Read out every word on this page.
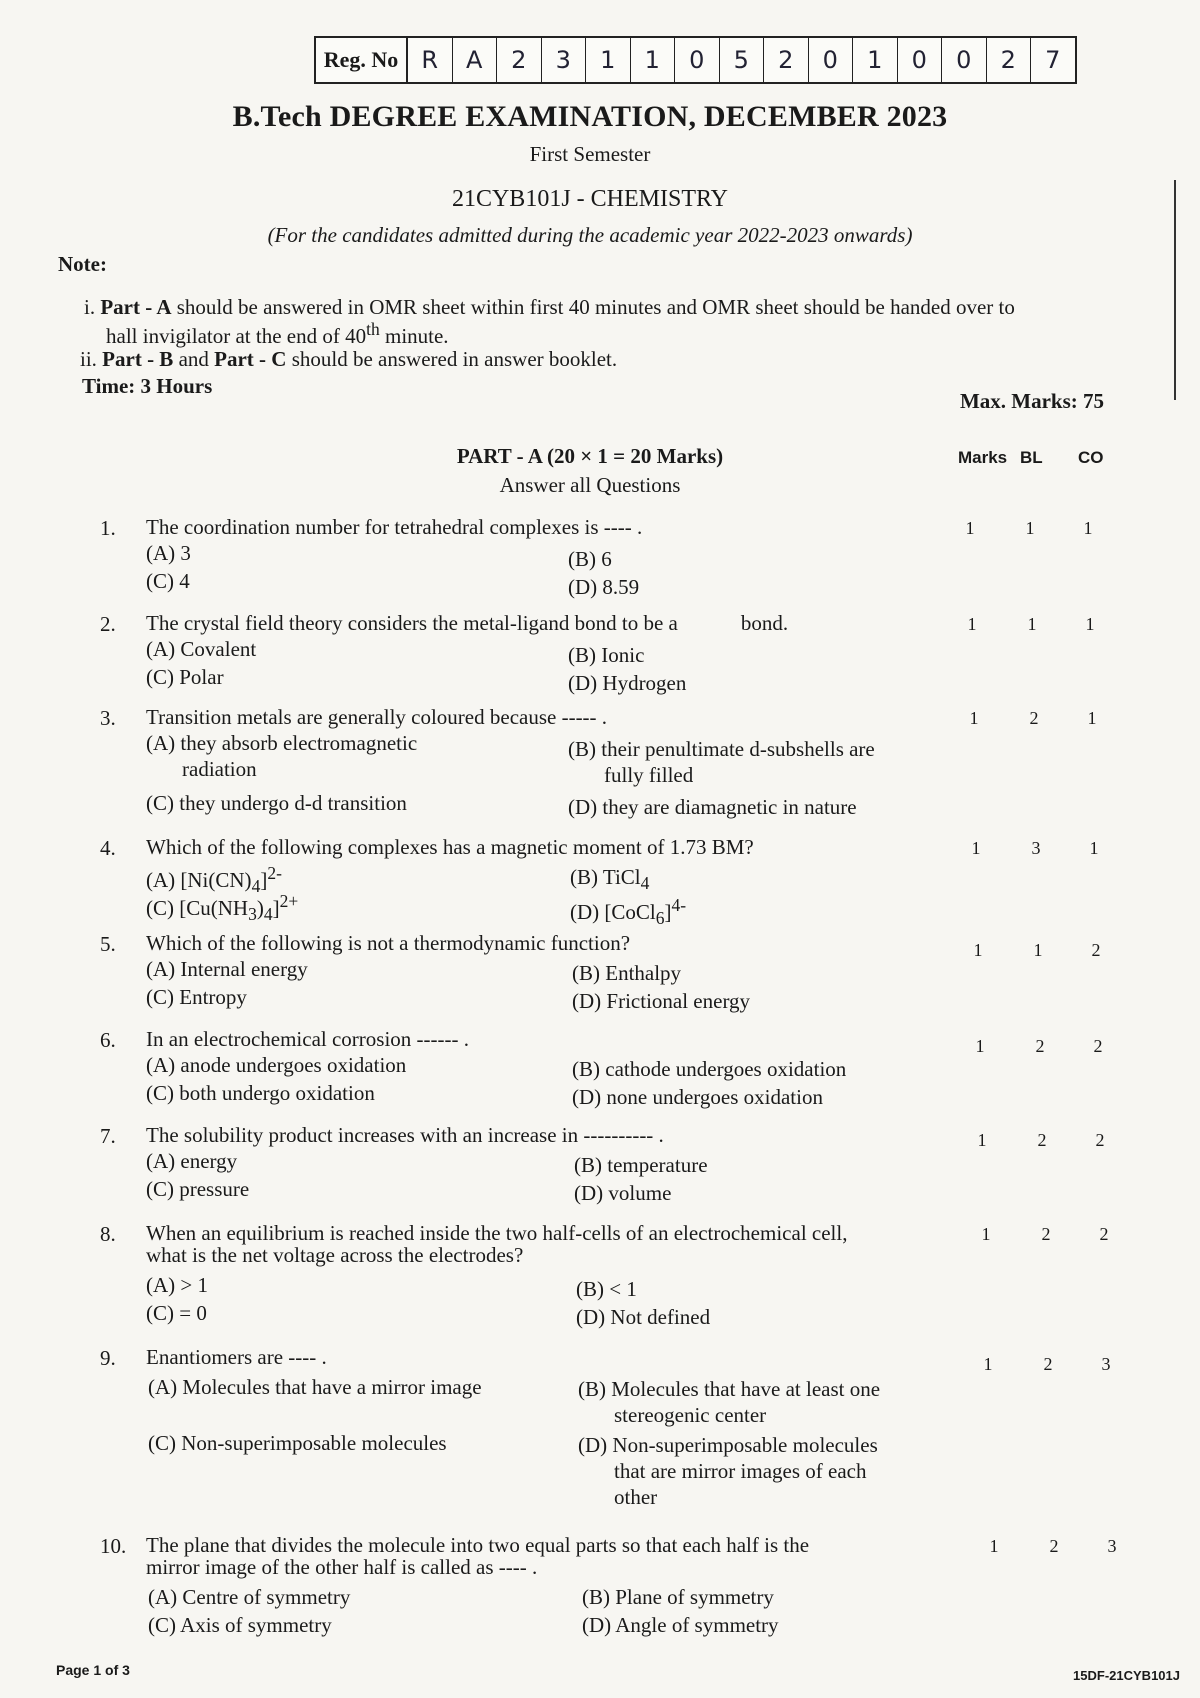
Reg. No R	A	2	3	1	1	0	5	2	0	1	0	0	2	7
B.Tech DEGREE EXAMINATION, DECEMBER 2023
First Semester
21CYB101J - CHEMISTRY
(For the candidates admitted during the academic year 2022-2023 onwards)
Note:
i. Part - A should be answered in OMR sheet within first 40 minutes and OMR sheet should be handed over to
hall invigilator at the end of 40th minute.
ii. Part - B and Part - C should be answered in answer booklet.
Time: 3 Hours
Max. Marks: 75
PART - A (20 × 1 = 20 Marks)
Answer all Questions
Marks BL CO
1.	The coordination number for tetrahedral complexes is ---- .
(A) 3	(B) 6
(C) 4	(D) 8.59
1	1	1
2.	The crystal field theory considers the metal-ligand bond to be a            bond.
(A) Covalent	(B) Ionic
(C) Polar	(D) Hydrogen
1	1	1
3.	Transition metals are generally coloured because ----- .
(A) they absorb electromagnetic
radiation
(B) their penultimate d-subshells are
fully filled
(C) they undergo d-d transition	(D) they are diamagnetic in nature
1	2	1
4.	Which of the following complexes has a magnetic moment of 1.73 BM?
(A) $[Ni(CN)_4]^{2-}$	(B) TiCl$_4$
(C) $[Cu(NH_3)_4]^{2+}$	(D) [CoCl$_6$]$^{4-}$
1	3	1
5.	Which of the following is not a thermodynamic function?
(A) Internal energy	(B) Enthalpy
(C) Entropy	(D) Frictional energy
1	1	2
6.	In an electrochemical corrosion ------ .
(A) anode undergoes oxidation	(B) cathode undergoes oxidation
(C) both undergo oxidation	(D) none undergoes oxidation
1	2	2
7.	The solubility product increases with an increase in ---------- .
(A) energy	(B) temperature
(C) pressure	(D) volume
1	2	2
8.	When an equilibrium is reached inside the two half-cells of an electrochemical cell,
what is the net voltage across the electrodes?
(A) > 1	(B) < 1
(C) = 0	(D) Not defined
1	2	2
9.	Enantiomers are ---- .
(A) Molecules that have a mirror image	(B) Molecules that have at least one
stereogenic center
(C) Non-superimposable molecules	(D) Non-superimposable molecules
that are mirror images of each
other
1	2	3
10. The plane that divides the molecule into two equal parts so that each half is the
mirror image of the other half is called as ---- .
(A) Centre of symmetry	(B) Plane of symmetry
(C) Axis of symmetry	(D) Angle of symmetry
1	2	3
Page 1 of 3	15DF-21CYB101J
